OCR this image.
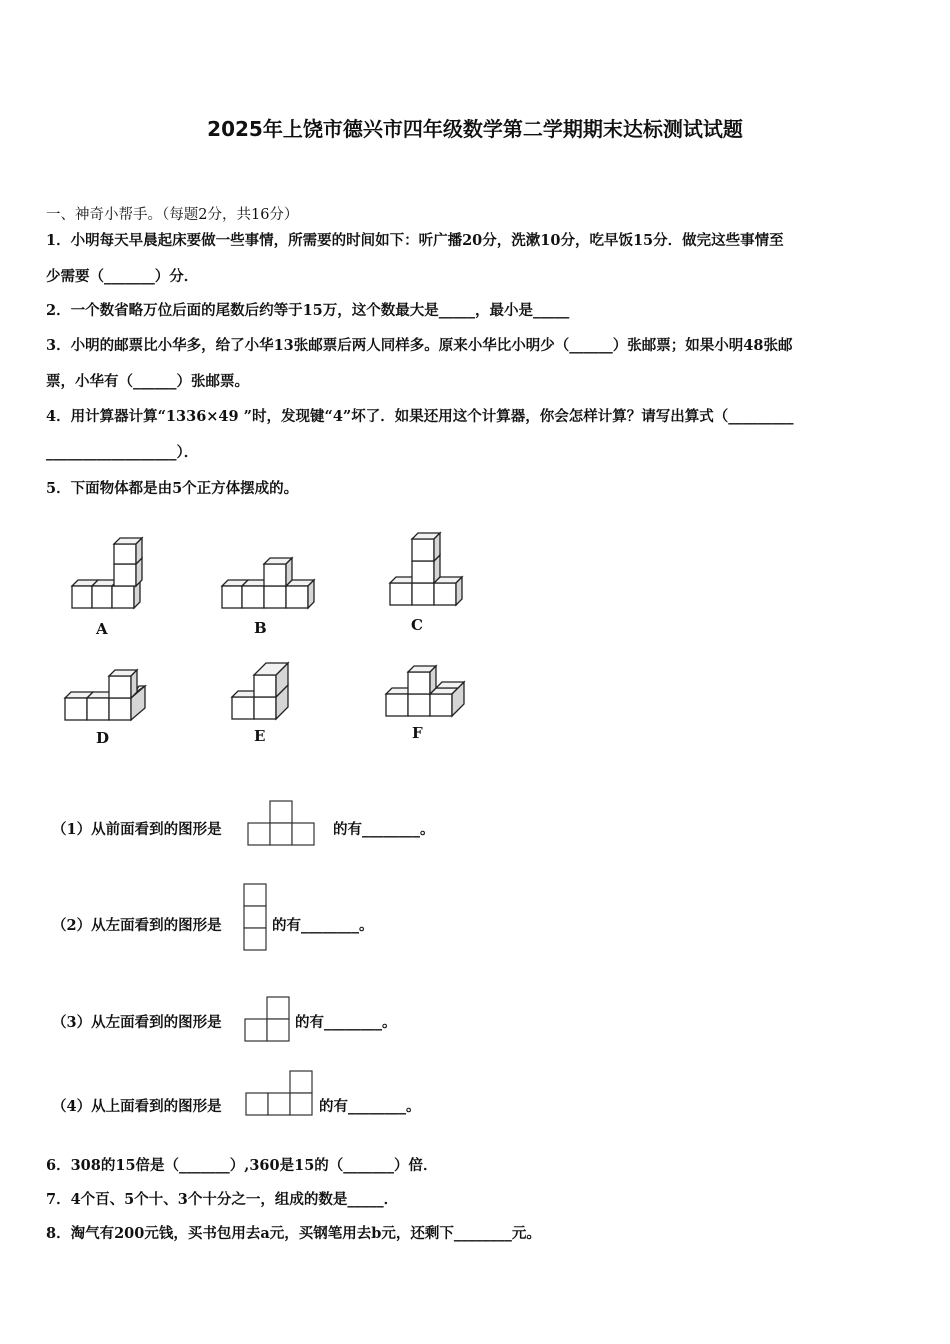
2025年上饶市德兴市四年级数学第二学期期末达标测试试题
一、神奇小帮手。（每题2分，共16分）
1．小明每天早晨起床要做一些事情，所需要的时间如下：听广播20分，洗漱10分，吃早饭15分．做完这些事情至
少需要（_______）分．
2．一个数省略万位后面的尾数后约等于15万，这个数最大是_____，最小是_____
3．小明的邮票比小华多，给了小华13张邮票后两人同样多。原来小华比小明少（______）张邮票；如果小明48张邮
票，小华有（______）张邮票。
4．用计算器计算“1336×49 ”时，发现键“4”坏了．如果还用这个计算器，你会怎样计算？请写出算式（_________
__________________）．
5．下面物体都是由5个正方体摆成的。
A	B	C
D	E	F
（1）从前面看到的图形是	的有________。
（2）从左面看到的图形是	的有________。
（3）从左面看到的图形是	的有________。
（4）从上面看到的图形是	的有________。
6．308的15倍是（_______）,360是15的（_______）倍．
7．4个百、5个十、3个十分之一，组成的数是_____．
8．淘气有200元钱，买书包用去a元，买钢笔用去b元，还剩下________元。
